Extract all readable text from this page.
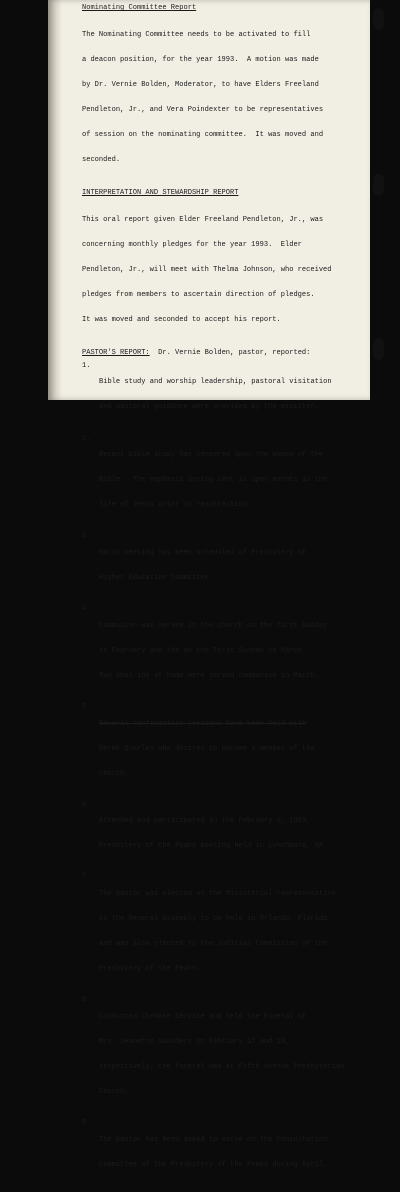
Nominating Committee Report

The Nominating Committee needs to be activated to fill

a deacon position, for the year 1993.  A motion was made

by Dr. Vernie Bolden, Moderator, to have Elders Freeland

Pendleton, Jr., and Vera Poindexter to be representatives

of session on the nominating committee.  It was moved and

seconded.

INTERPRETATION AND STEWARDSHIP REPORT

This oral report given Elder Freeland Pendleton, Jr., was

concerning monthly pledges for the year 1993.  Elder

Pendleton, Jr., will meet with Thelma Johnson, who received

pledges from members to ascertain direction of pledges.

It was moved and seconded to accept his report.

PASTOR'S REPORT: Dr. Vernie Bolden, pastor, reported:
1.

Bible study and worship leadership, pastoral visitation

and pastoral guidance were provided by the minister.

2.

Recent bible study has centered upon the Women of the

Bible.  The emphasis during Lent is upon events in the

life of Jesus prior to resurrection.

3.

March meeting has been scheduled of Presbytery of

Higher Education Committee.

4.

Communion was served in the church on the first Sunday

in February and the on the First Sunday in March.

Two shut-ins at home were served communion in March.

5.

Several confirmation sessions have been held with

Derek Quarles who desires to become a member of the

church.

6.

Attended and participated in the February 6, 1993,

Presbytery of the Peaks meeting held in Lynchburg, VA

7.

The pastor was elected as the Ministerial representative

to the General Assembly to be held in Orlando, Florida,

and was also elected to the Judicial Commission of the

Presbytery of the Peaks.

8.

Conducted theWake Service and held the Funeral of

Mrs. Jeanette Saunders on February 17 and 18,

respectively; the funeral was at Fifth Avenue Presbyterian

Church.

9.

The pastor has been asked to serve on the Consultation

Committee of the Presbytery of the Peaks during April.
